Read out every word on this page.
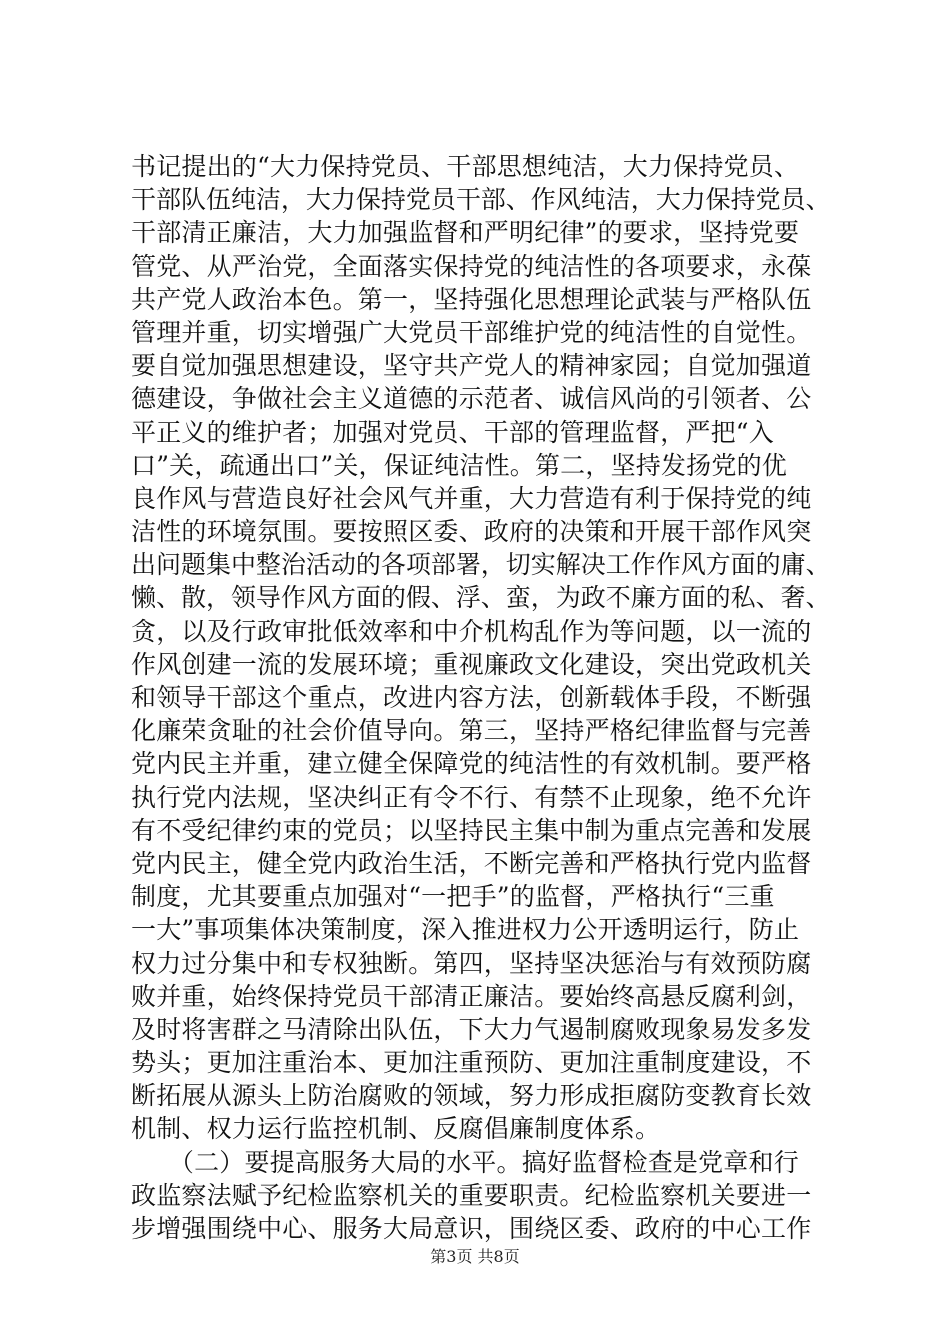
书记提出的“大力保持党员、干部思想纯洁，大力保持党员、
干部队伍纯洁，大力保持党员干部、作风纯洁，大力保持党员、
干部清正廉洁，大力加强监督和严明纪律”的要求，坚持党要
管党、从严治党，全面落实保持党的纯洁性的各项要求，永葆
共产党人政治本色。第一，坚持强化思想理论武装与严格队伍
管理并重，切实增强广大党员干部维护党的纯洁性的自觉性。
要自觉加强思想建设，坚守共产党人的精神家园；自觉加强道
德建设，争做社会主义道德的示范者、诚信风尚的引领者、公
平正义的维护者；加强对党员、干部的管理监督，严把“入
口”关，疏通出口”关，保证纯洁性。第二，坚持发扬党的优
良作风与营造良好社会风气并重，大力营造有利于保持党的纯
洁性的环境氛围。要按照区委、政府的决策和开展干部作风突
出问题集中整治活动的各项部署，切实解决工作作风方面的庸、
懒、散，领导作风方面的假、浮、蛮，为政不廉方面的私、奢、
贪，以及行政审批低效率和中介机构乱作为等问题，以一流的
作风创建一流的发展环境；重视廉政文化建设，突出党政机关
和领导干部这个重点，改进内容方法，创新载体手段，不断强
化廉荣贪耻的社会价值导向。第三，坚持严格纪律监督与完善
党内民主并重，建立健全保障党的纯洁性的有效机制。要严格
执行党内法规，坚决纠正有令不行、有禁不止现象，绝不允许
有不受纪律约束的党员；以坚持民主集中制为重点完善和发展
党内民主，健全党内政治生活，不断完善和严格执行党内监督
制度，尤其要重点加强对“一把手”的监督，严格执行“三重
一大”事项集体决策制度，深入推进权力公开透明运行，防止
权力过分集中和专权独断。第四，坚持坚决惩治与有效预防腐
败并重，始终保持党员干部清正廉洁。要始终高悬反腐利剑，
及时将害群之马清除出队伍，下大力气遏制腐败现象易发多发
势头；更加注重治本、更加注重预防、更加注重制度建设，不
断拓展从源头上防治腐败的领域，努力形成拒腐防变教育长效
机制、权力运行监控机制、反腐倡廉制度体系。
　　（二）要提高服务大局的水平。搞好监督检查是党章和行
政监察法赋予纪检监察机关的重要职责。纪检监察机关要进一
步增强围绕中心、服务大局意识，围绕区委、政府的中心工作
第3页 共8页
